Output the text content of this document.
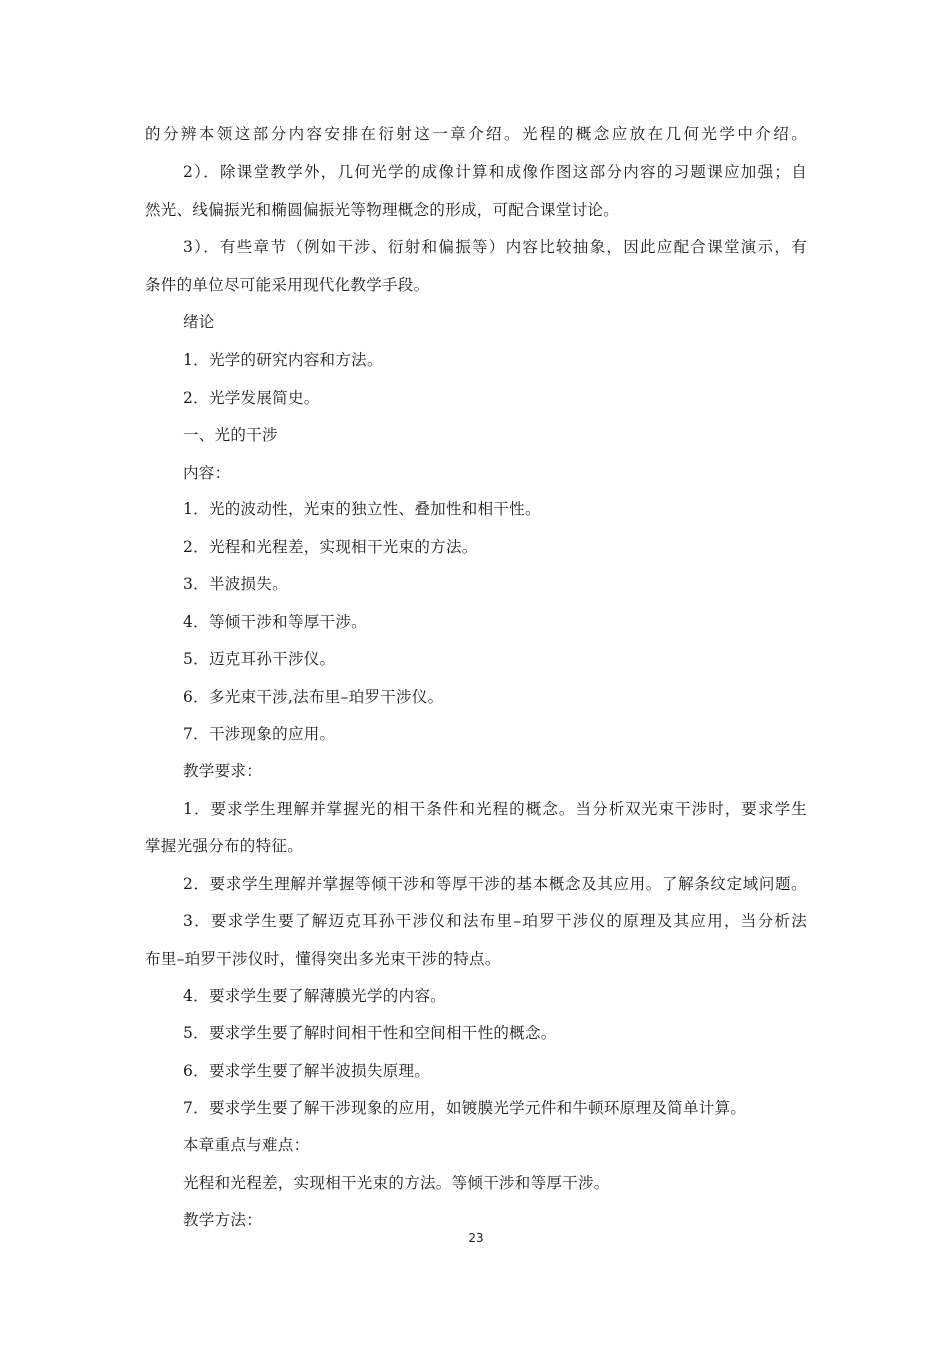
的分辨本领这部分内容安排在衍射这一章介绍。光程的概念应放在几何光学中介绍。
2）．除课堂教学外，几何光学的成像计算和成像作图这部分内容的习题课应加强；自
然光、线偏振光和椭圆偏振光等物理概念的形成，可配合课堂讨论。
3）．有些章节（例如干涉、衍射和偏振等）内容比较抽象，因此应配合课堂演示，有
条件的单位尽可能采用现代化教学手段。
绪论
1．光学的研究内容和方法。
2．光学发展简史。
一、光的干涉
内容：
1．光的波动性，光束的独立性、叠加性和相干性。
2．光程和光程差，实现相干光束的方法。
3．半波损失。
4．等倾干涉和等厚干涉。
5．迈克耳孙干涉仪。
6．多光束干涉,法布里–珀罗干涉仪。
7．干涉现象的应用。
教学要求：
1．要求学生理解并掌握光的相干条件和光程的概念。当分析双光束干涉时，要求学生
掌握光强分布的特征。
2．要求学生理解并掌握等倾干涉和等厚干涉的基本概念及其应用。了解条纹定域问题。
3．要求学生要了解迈克耳孙干涉仪和法布里–珀罗干涉仪的原理及其应用，当分析法
布里–珀罗干涉仪时，懂得突出多光束干涉的特点。
4．要求学生要了解薄膜光学的内容。
5．要求学生要了解时间相干性和空间相干性的概念。
6．要求学生要了解半波损失原理。
7．要求学生要了解干涉现象的应用，如镀膜光学元件和牛顿环原理及简单计算。
本章重点与难点：
光程和光程差，实现相干光束的方法。等倾干涉和等厚干涉。
教学方法：
23
